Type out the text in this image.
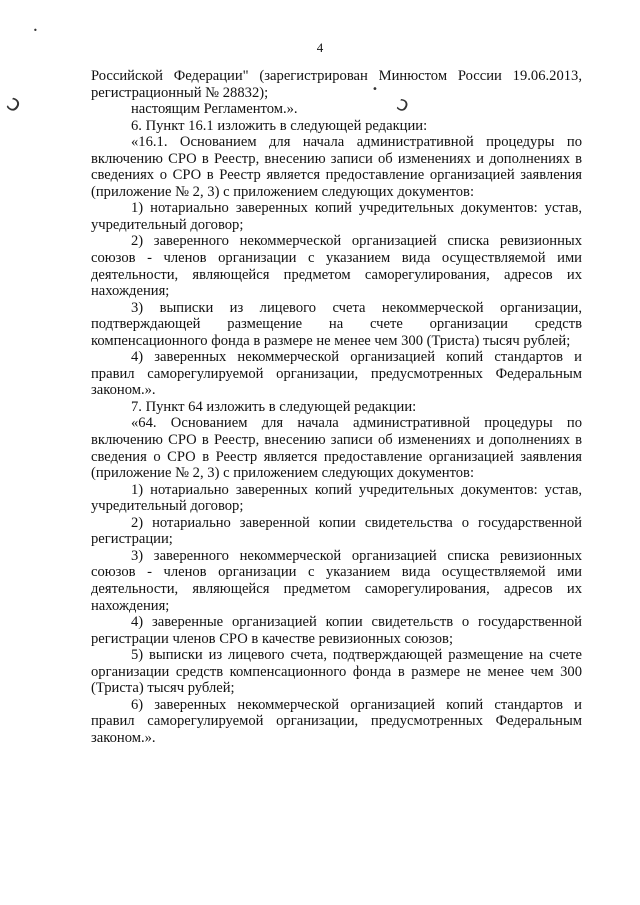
4
ↄ	ↄ
•
•

Российской Федерации" (зарегистрирован Минюстом России 19.06.2013, регистрационный № 28832);

настоящим Регламентом.».

6. Пункт 16.1 изложить в следующей редакции:

«16.1. Основанием для начала административной процедуры по включению СРО в Реестр, внесению записи об изменениях и дополнениях в сведениях о СРО в Реестр является предоставление организацией заявления (приложение № 2, 3) с приложением следующих документов:

1) нотариально заверенных копий учредительных документов: устав, учредительный договор;

2) заверенного некоммерческой организацией списка ревизионных союзов - членов организации с указанием вида осуществляемой ими деятельности, являющейся предметом саморегулирования, адресов их нахождения;

3) выписки из лицевого счета некоммерческой организации, подтверждающей размещение на счете организации средств компенсационного фонда в размере не менее чем 300 (Триста) тысяч рублей;

4) заверенных некоммерческой организацией копий стандартов и правил саморегулируемой организации, предусмотренных Федеральным законом.».

7. Пункт 64 изложить в следующей редакции:

«64. Основанием для начала административной процедуры по включению СРО в Реестр, внесению записи об изменениях и дополнениях в сведения о СРО в Реестр является предоставление организацией заявления (приложение № 2, 3) с приложением следующих документов:

1) нотариально заверенных копий учредительных документов: устав, учредительный договор;

2) нотариально заверенной копии свидетельства о государственной регистрации;

3) заверенного некоммерческой организацией списка ревизионных союзов - членов организации с указанием вида осуществляемой ими деятельности, являющейся предметом саморегулирования, адресов их нахождения;

4) заверенные организацией копии свидетельств о государственной регистрации членов СРО в качестве ревизионных союзов;

5) выписки из лицевого счета, подтверждающей размещение на счете организации средств компенсационного фонда в размере не менее чем 300 (Триста) тысяч рублей;

6) заверенных некоммерческой организацией копий стандартов и правил саморегулируемой организации, предусмотренных Федеральным законом.».
